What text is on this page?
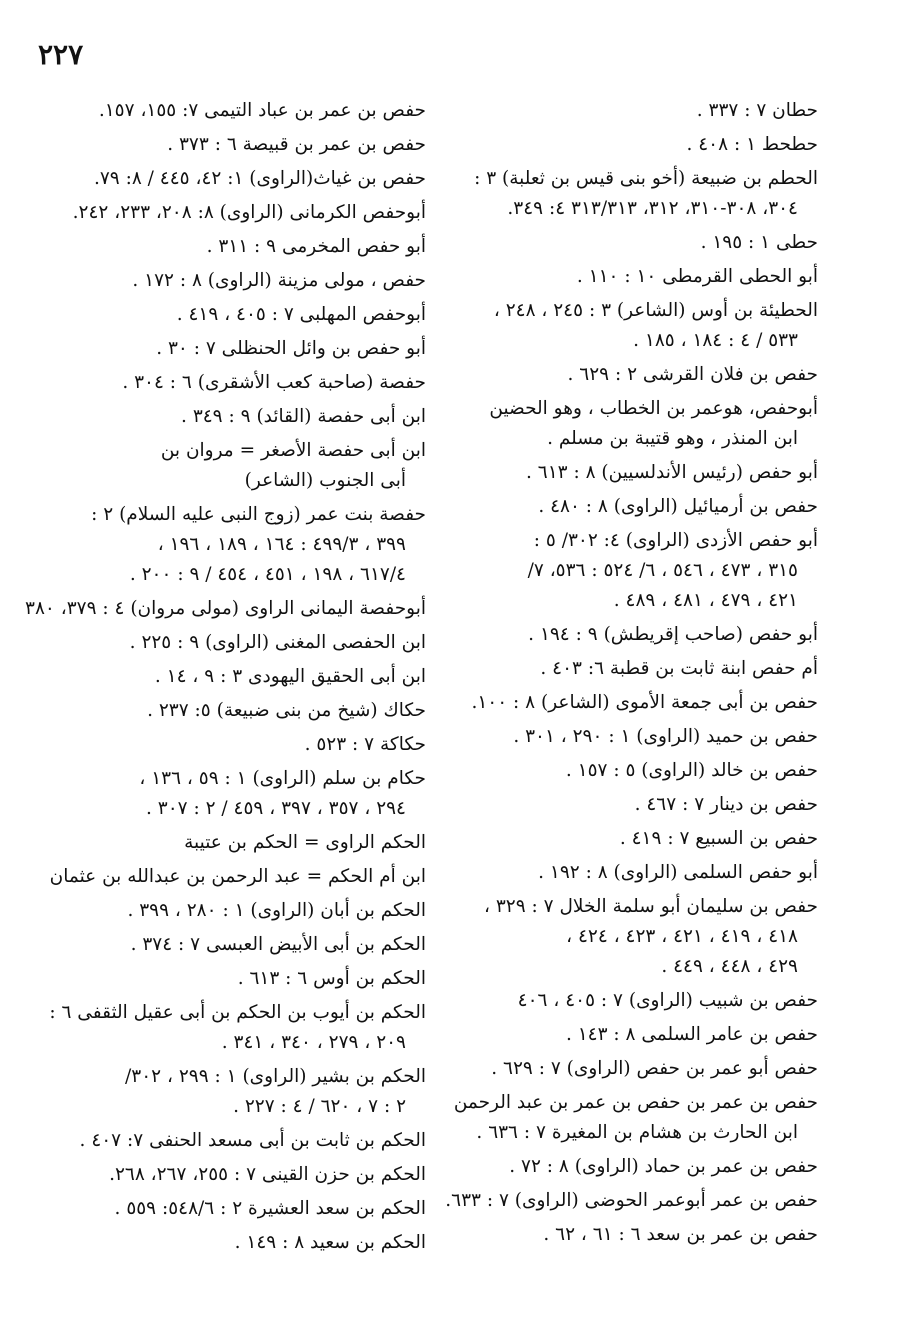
٢٢٧
حطان ٧ : ٣٣٧ .
حطحط ١ : ٤٠٨ .
الحطم بن ضبيعة (أخو بنى قيس بن ثعلبة) ٣ :
٣٠٤، ٣٠٨-٣١٠، ٣١٢، ٣١٣/٣١٣ ٤: ٣٤٩.
حطى ١ : ١٩٥ .
أبو الحطى القرمطى ١٠ : ١١٠ .
الحطيئة بن أوس (الشاعر) ٣ : ٢٤٥ ، ٢٤٨ ،
٥٣٣ / ٤ : ١٨٤ ، ١٨٥ .
حفص بن فلان القرشى ٢ : ٦٢٩ .
أبوحفص، هوعمر بن الخطاب ، وهو الحضين
ابن المنذر ، وهو قتيبة بن مسلم .
أبو حفص (رئيس الأندلسيين) ٨ : ٦١٣ .
حفص بن أرميائيل (الراوى) ٨ : ٤٨٠ .
أبو حفص الأزدى (الراوى) ٤: ٣٠٢/ ٥ :
٣١٥ ، ٤٧٣ ، ٥٤٦ ، ٦/ ٥٢٤ : ٥٣٦، ٧/
٤٢١ ، ٤٧٩ ، ٤٨١ ، ٤٨٩ .
أبو حفص (صاحب إقريطش) ٩ : ١٩٤ .
أم حفص ابنة ثابت بن قطبة ٦: ٤٠٣ .
حفص بن أبى جمعة الأموى (الشاعر) ٨ : ١٠٠.
حفص بن حميد (الراوى) ١ : ٢٩٠ ، ٣٠١ .
حفص بن خالد (الراوى) ٥ : ١٥٧ .
حفص بن دينار ٧ : ٤٦٧ .
حفص بن السبيع ٧ : ٤١٩ .
أبو حفص السلمى (الراوى) ٨ : ١٩٢ .
حفص بن سليمان أبو سلمة الخلال ٧ : ٣٢٩ ،
٤١٨ ، ٤١٩ ، ٤٢١ ، ٤٢٣ ، ٤٢٤ ،
٤٢٩ ، ٤٤٨ ، ٤٤٩ .
حفص بن شبيب (الراوى) ٧ : ٤٠٥ ، ٤٠٦
حفص بن عامر السلمى ٨ : ١٤٣ .
حفص أبو عمر بن حفص (الراوى) ٧ : ٦٢٩ .
حفص بن عمر بن حفص بن عمر بن عبد الرحمن
ابن الحارث بن هشام بن المغيرة ٧ : ٦٣٦ .
حفص بن عمر بن حماد (الراوى) ٨ : ٧٢ .
حفص بن عمر أبوعمر الحوضى (الراوى) ٧ : ٦٣٣.
حفص بن عمر بن سعد ٦ : ٦١ ، ٦٢ .
حفص بن عمر بن عباد التيمى ٧: ١٥٥، ١٥٧.
حفص بن عمر بن قبيصة ٦ : ٣٧٣ .
حفص بن غياث(الراوى) ١: ٤٢، ٤٤٥ / ٨: ٧٩.
أبوحفص الكرمانى (الراوى) ٨: ٢٠٨، ٢٣٣، ٢٤٢.
أبو حفص المخرمى ٩ : ٣١١ .
حفص ، مولى مزينة (الراوى) ٨ : ١٧٢ .
أبوحفص المهلبى ٧ : ٤٠٥ ، ٤١٩ .
أبو حفص بن وائل الحنظلى ٧ : ٣٠ .
حفصة (صاحبة كعب الأشقرى) ٦ : ٣٠٤ .
ابن أبى حفصة (القائد) ٩ : ٣٤٩ .
ابن أبى حفصة الأصغر = مروان بن
أبى الجنوب (الشاعر)
حفصة بنت عمر (زوج النبى عليه السلام) ٢ :
٣٩٩ ، ٤٩٩/٣ : ١٦٤ ، ١٨٩ ، ١٩٦ ،
٦١٧/٤ ، ١٩٨ ، ٤٥١ ، ٤٥٤ / ٩ : ٢٠٠ .
أبوحفصة اليمانى الراوى (مولى مروان) ٤ : ٣٧٩، ٣٨٠
ابن الحفصى المغنى (الراوى) ٩ : ٢٢٥ .
ابن أبى الحقيق اليهودى ٣ : ٩ ، ١٤ .
حكاك (شيخ من بنى ضبيعة) ٥: ٢٣٧ .
حكاكة ٧ : ٥٢٣ .
حكام بن سلم (الراوى) ١ : ٥٩ ، ١٣٦ ،
٢٩٤ ، ٣٥٧ ، ٣٩٧ ، ٤٥٩ / ٢ : ٣٠٧ .
الحكم الراوى = الحكم بن عتيبة
ابن أم الحكم = عبد الرحمن بن عبدالله بن عثمان
الحكم بن أبان (الراوى) ١ : ٢٨٠ ، ٣٩٩ .
الحكم بن أبى الأبيض العبسى ٧ : ٣٧٤ .
الحكم بن أوس ٦ : ٦١٣ .
الحكم بن أيوب بن الحكم بن أبى عقيل الثقفى ٦ :
٢٠٩ ، ٢٧٩ ، ٣٤٠ ، ٣٤١ .
الحكم بن بشير (الراوى) ١ : ٢٩٩ ، ٣٠٢/
٢ : ٧ ، ٦٢٠ / ٤ : ٢٢٧ .
الحكم بن ثابت بن أبى مسعد الحنفى ٧: ٤٠٧ .
الحكم بن حزن القينى ٧ : ٢٥٥، ٢٦٧، ٢٦٨.
الحكم بن سعد العشيرة ٢ : ٥٤٨/٦: ٥٥٩ .
الحكم بن سعيد ٨ : ١٤٩ .
